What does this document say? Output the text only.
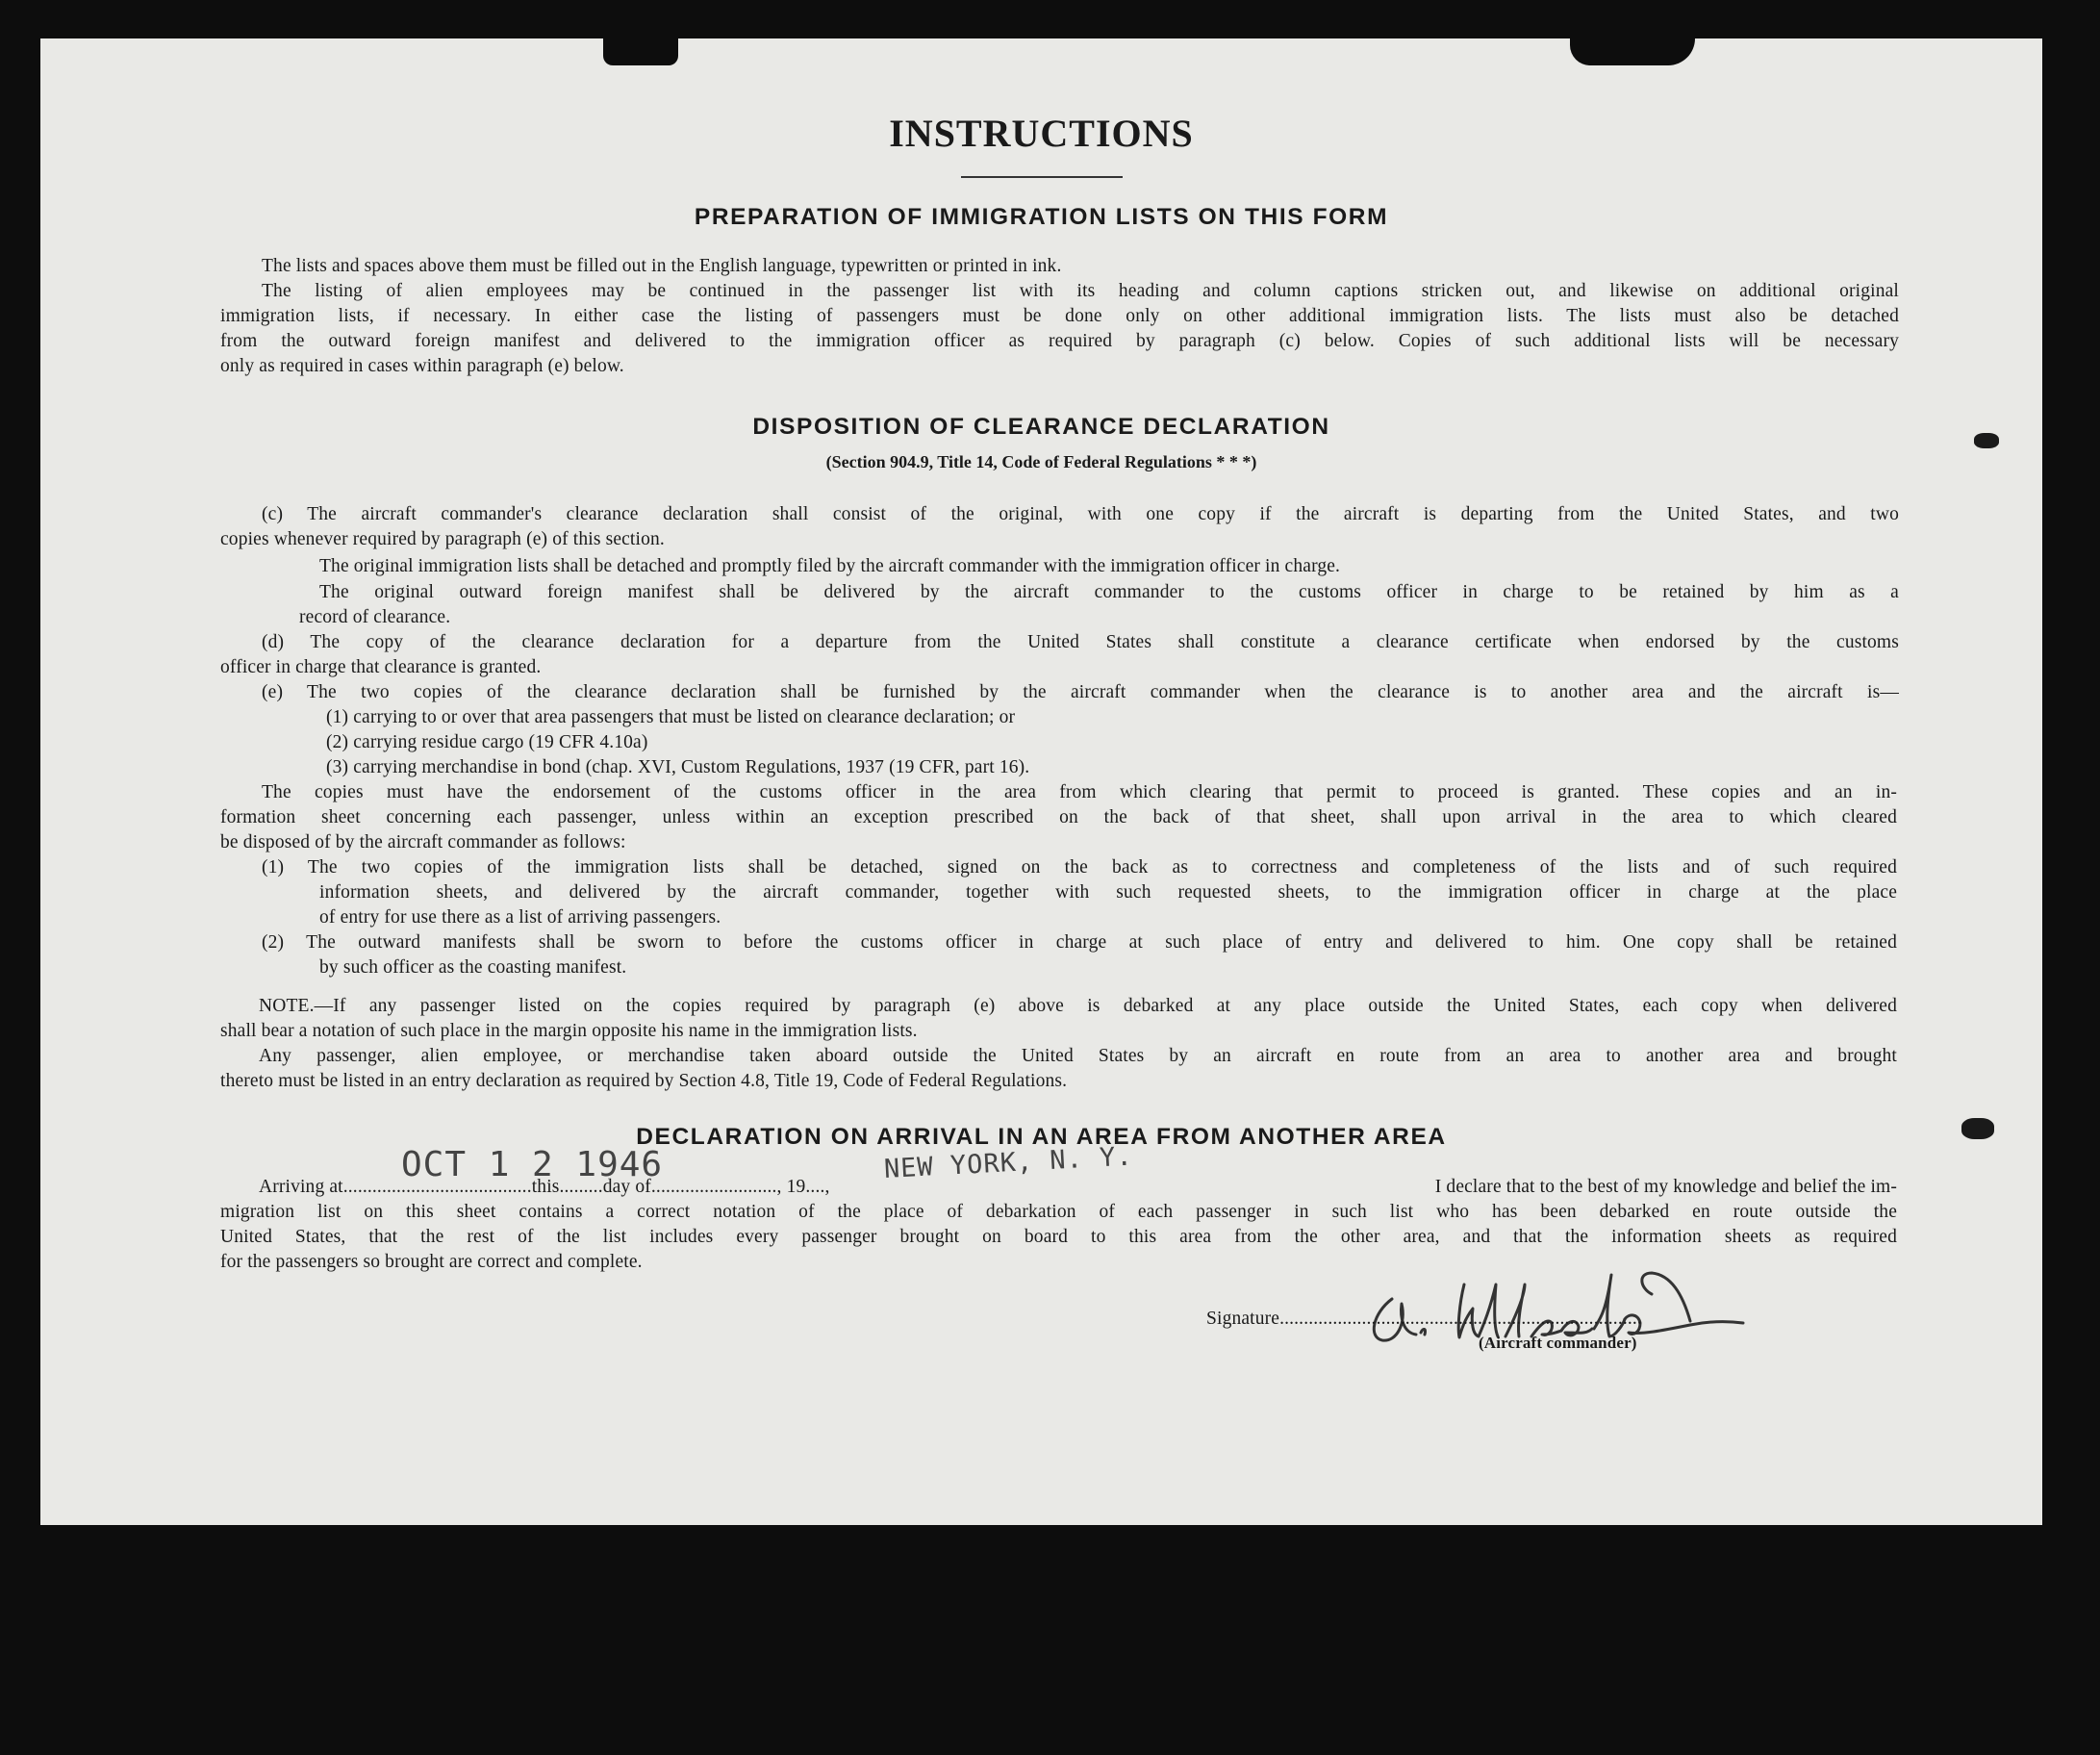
INSTRUCTIONS
PREPARATION OF IMMIGRATION LISTS ON THIS FORM
The lists and spaces above them must be filled out in the English language, typewritten or printed in ink.
The listing of alien employees may be continued in the passenger list with its heading and column captions stricken out, and likewise on additional original
immigration lists, if necessary. In either case the listing of passengers must be done only on other additional immigration lists. The lists must also be detached
from the outward foreign manifest and delivered to the immigration officer as required by paragraph (c) below. Copies of such additional lists will be necessary
only as required in cases within paragraph (e) below.
DISPOSITION OF CLEARANCE DECLARATION
(Section 904.9, Title 14, Code of Federal Regulations * * *)
(c) The aircraft commander's clearance declaration shall consist of the original, with one copy if the aircraft is departing from the United States, and two
copies whenever required by paragraph (e) of this section.
The original immigration lists shall be detached and promptly filed by the aircraft commander with the immigration officer in charge.
The original outward foreign manifest shall be delivered by the aircraft commander to the customs officer in charge to be retained by him as a
record of clearance.
(d) The copy of the clearance declaration for a departure from the United States shall constitute a clearance certificate when endorsed by the customs
officer in charge that clearance is granted.
(e) The two copies of the clearance declaration shall be furnished by the aircraft commander when the clearance is to another area and the aircraft is—
(1) carrying to or over that area passengers that must be listed on clearance declaration; or
(2) carrying residue cargo (19 CFR 4.10a)
(3) carrying merchandise in bond (chap. XVI, Custom Regulations, 1937 (19 CFR, part 16).
The copies must have the endorsement of the customs officer in the area from which clearing that permit to proceed is granted. These copies and an in-
formation sheet concerning each passenger, unless within an exception prescribed on the back of that sheet, shall upon arrival in the area to which cleared
be disposed of by the aircraft commander as follows:
(1) The two copies of the immigration lists shall be detached, signed on the back as to correctness and completeness of the lists and of such required
information sheets, and delivered by the aircraft commander, together with such requested sheets, to the immigration officer in charge at the place
of entry for use there as a list of arriving passengers.
(2) The outward manifests shall be sworn to before the customs officer in charge at such place of entry and delivered to him. One copy shall be retained
by such officer as the coasting manifest.
NOTE.—If any passenger listed on the copies required by paragraph (e) above is debarked at any place outside the United States, each copy when delivered
shall bear a notation of such place in the margin opposite his name in the immigration lists.
Any passenger, alien employee, or merchandise taken aboard outside the United States by an aircraft en route from an area to another area and brought
thereto must be listed in an entry declaration as required by Section 4.8, Title 19, Code of Federal Regulations.
DECLARATION ON ARRIVAL IN AN AREA FROM ANOTHER AREA
Arriving at.......................................this.........day of.........................., 19....,	I declare that to the best of my knowledge and belief the im-
migration list on this sheet contains a correct notation of the place of debarkation of each passenger in such list who has been debarked en route outside the
United States, that the rest of the list includes every passenger brought on board to this area from the other area, and that the information sheets as required
for the passengers so brought are correct and complete.
OCT 1 2 1946	NEW YORK, N. Y.
Signature...........................................................................
(Aircraft commander)
